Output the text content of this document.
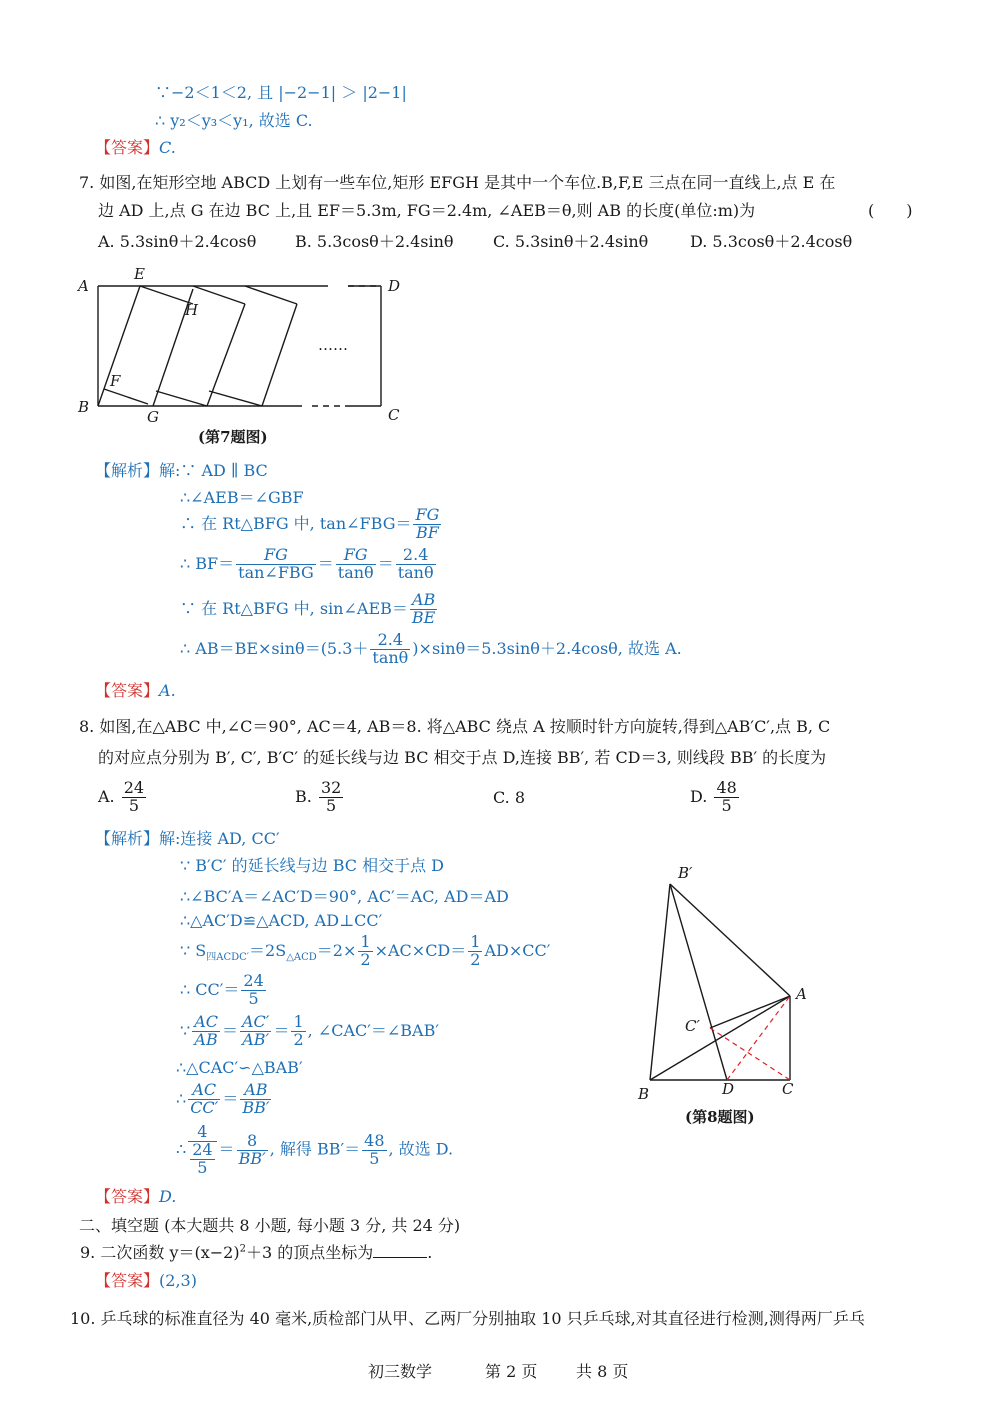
∵−2＜1＜2, 且 |−2−1| ＞ |2−1|
∴ y₂＜y₃＜y₁, 故选 C.
【答案】C.
7. 如图,在矩形空地 ABCD 上划有一些车位,矩形 EFGH 是其中一个车位.B,F,E 三点在同一直线上,点 E 在
边 AD 上,点 G 在边 BC 上,且 EF＝5.3m, FG＝2.4m, ∠AEB＝θ,则 AB 的长度(单位:m)为	(　　)
A. 5.3sinθ＋2.4cosθ B. 5.3cosθ＋2.4sinθ C. 5.3sinθ＋2.4sinθ	D. 5.3cosθ＋2.4cosθ
A
E
D
H
……
F
B
G	C
(第7题图)
【解析】解:∵ AD ∥ BC
∴∠AEB＝∠GBF
∴ 在 Rt△BFG 中, tan∠FBG＝ $\frac{FG}{BF}$
∴ $BF= \frac{FG}{\text{tan∠FBG}} = \frac{FG}{\tan\theta} = \frac{2.4}{\tan\theta}$
∵ 在 Rt△BFG 中, sin∠AEB＝ $\frac{AB}{BE}$
∴ $AB=BE\times\sin\theta=(5.3+ \frac{2.4}{\tan\theta} )\times\sin\theta=5.3\sin\theta+2.4\cos\theta$, 故选 A.
【答案】A.
8. 如图,在△ABC 中,∠C＝90°, AC＝4, AB＝8. 将△ABC 绕点 A 按顺时针方向旋转,得到△AB′C′,点 B, C
的对应点分别为 B′, C′, B′C′ 的延长线与边 BC 相交于点 D,连接 BB′, 若 CD＝3, 则线段 BB′ 的长度为
A. $\frac{24}{5}$	B. $\frac{32}{5}$	C. 8	D. $\frac{48}{5}$
【解析】解:连接 AD, CC′
∵ B′C′ 的延长线与边 BC 相交于点 D
∴∠BC′A＝∠AC′D＝90°, AC′＝AC, AD＝AD
∴△AC′D≌△ACD, AD⊥CC′
∵ $S_{四ACDC'}=2S_{\triangle ACD}=2\times \frac{1}{2} \times AC\times CD= \frac{1}{2} AD\times CC'$
∴ $CC'= \frac{24}{5}$
∵ $\frac{AC}{AB} = \frac{AC'}{AB'} = \frac{1}{2}$ , ∠CAC′＝∠BAB′
∴△CAC′∽△BAB′
∴ $\frac{AC}{CC'} = \frac{AB}{BB'}$
∴ $\frac{4}{\frac{24}{5}} = \frac{8}{BB'}$ , 解得 $BB'= \frac{48}{5}$ , 故选 D.
【答案】D.
B′
A
C′
B	D	C
(第8题图)
二、填空题 (本大题共 8 小题, 每小题 3 分, 共 24 分)
9. 二次函数 $y=(x-2)^2+3$ 的顶点坐标为	.
【答案】(2,3)
10. 乒乓球的标准直径为 40 毫米,质检部门从甲、乙两厂分别抽取 10 只乒乓球,对其直径进行检测,测得两厂乒乓
初三数学	第 2 页 共 8 页
